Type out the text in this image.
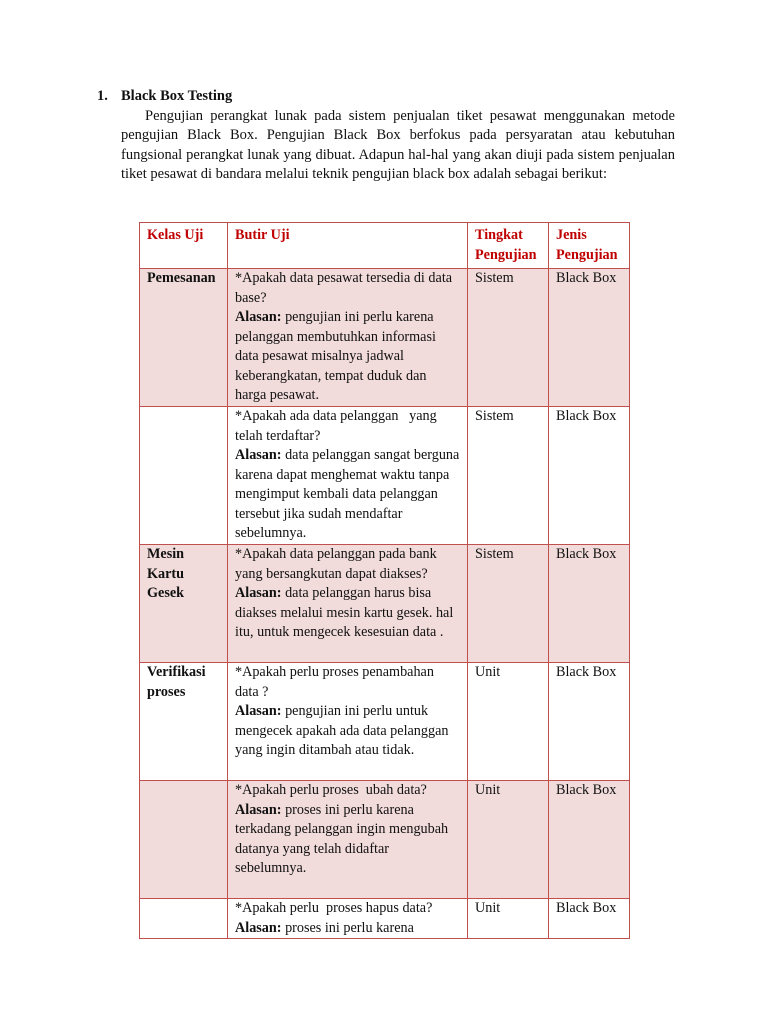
1. Black Box Testing

Pengujian perangkat lunak pada sistem penjualan tiket pesawat menggunakan metode pengujian Black Box. Pengujian Black Box berfokus pada persyaratan atau kebutuhan fungsional perangkat lunak yang dibuat. Adapun hal-hal yang akan diuji pada sistem penjualan tiket pesawat di bandara melalui teknik pengujian black box adalah sebagai berikut:

Kelas Uji	Butir Uji	Tingkat Pengujian	Jenis Pengujian
Pemesanan	*Apakah data pesawat tersedia di data base?
Alasan: pengujian ini perlu karena pelanggan membutuhkan informasi data pesawat misalnya jadwal keberangkatan, tempat duduk dan harga pesawat.	Sistem	Black Box

	*Apakah ada data pelanggan   yang telah terdaftar?
Alasan: data pelanggan sangat berguna karena dapat menghemat waktu tanpa mengimput kembali data pelanggan tersebut jika sudah mendaftar sebelumnya.	Sistem	Black Box
Mesin Kartu Gesek	*Apakah data pelanggan pada bank yang bersangkutan dapat diakses?
Alasan: data pelanggan harus bisa diakses melalui mesin kartu gesek. hal itu, untuk mengecek kesesuian data .	Sistem	Black Box
Verifikasi proses	*Apakah perlu proses penambahan data ?
Alasan: pengujian ini perlu untuk mengecek apakah ada data pelanggan yang ingin ditambah atau tidak.	Unit	Black Box

	*Apakah perlu proses  ubah data?
Alasan: proses ini perlu karena terkadang pelanggan ingin mengubah datanya yang telah didaftar sebelumnya.	Unit	Black Box

	*Apakah perlu  proses hapus data?
Alasan: proses ini perlu karena	Unit	Black Box
